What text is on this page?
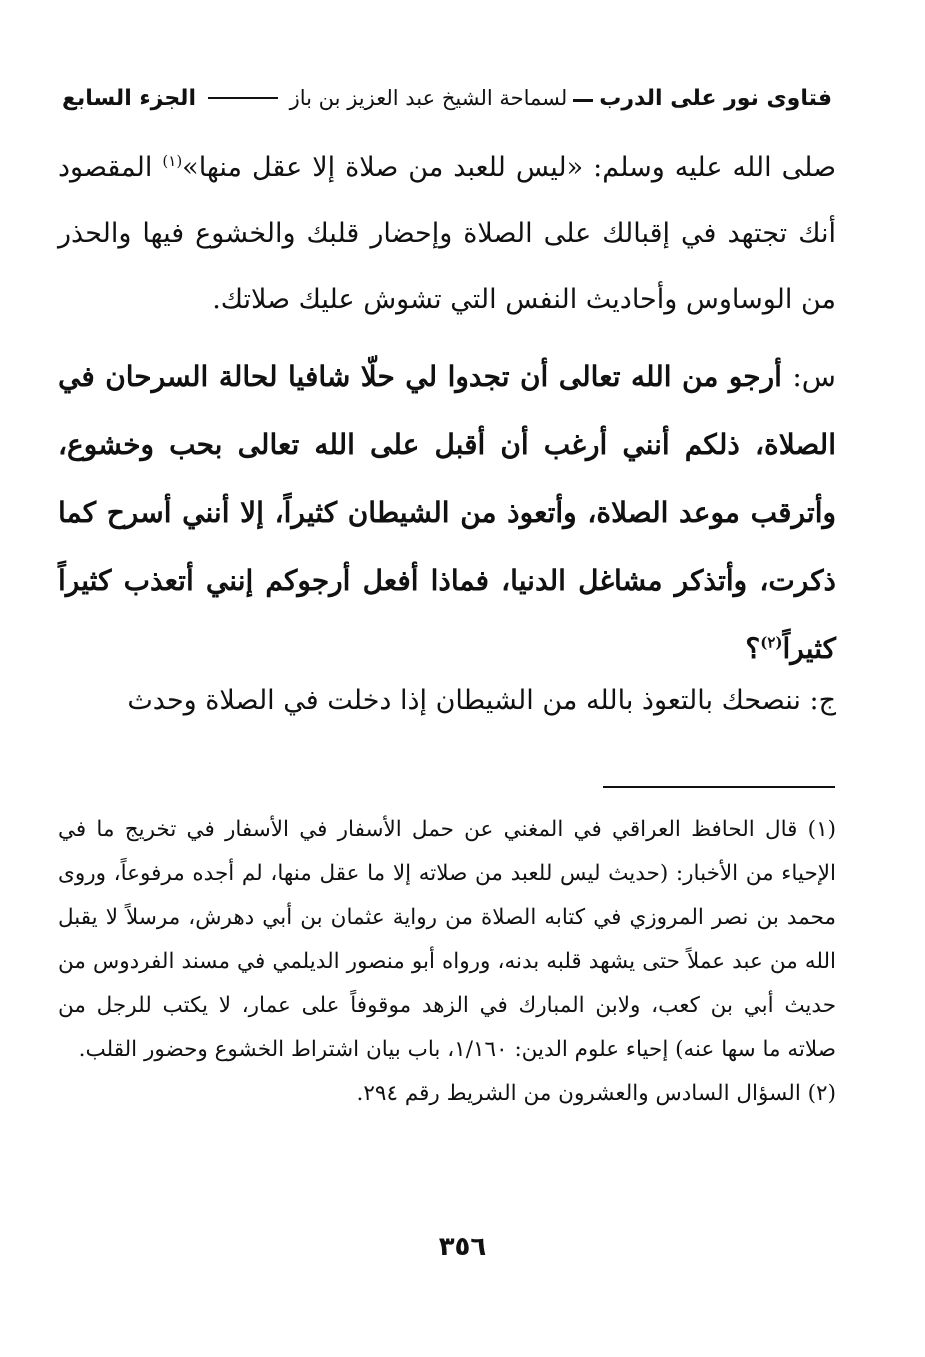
فتاوى نور على الدربلسماحة الشيخ عبد العزيز بن باز
الجزء السابع
صلى الله عليه وسلم: «ليس للعبد من صلاة إلا عقل منها»$^{(١)}$ المقصود أنك تجتهد في إقبالك على الصلاة وإحضار قلبك والخشوع فيها والحذر من الوساوس وأحاديث النفس التي تشوش عليك صلاتك.
س: أرجو من الله تعالى أن تجدوا لي حلّا شافيا لحالة السرحان في الصلاة، ذلكم أنني أرغب أن أقبل على الله تعالى بحب وخشوع، وأترقب موعد الصلاة، وأتعوذ من الشيطان كثيراً، إلا أنني أسرح كما ذكرت، وأتذكر مشاغل الدنيا، فماذا أفعل أرجوكم إنني أتعذب كثيراً كثيراً$^{(٢)}$؟
ج: ننصحك بالتعوذ بالله من الشيطان إذا دخلت في الصلاة وحدث

(١) قال الحافظ العراقي في المغني عن حمل الأسفار في الأسفار في تخريج ما في الإحياء من الأخبار: (حديث ليس للعبد من صلاته إلا ما عقل منها، لم أجده مرفوعاً، وروى محمد بن نصر المروزي في كتابه الصلاة من رواية عثمان بن أبي دهرش، مرسلاً لا يقبل الله من عبد عملاً حتى يشهد قلبه بدنه، ورواه أبو منصور الديلمي في مسند الفردوس من حديث أبي بن كعب، ولابن المبارك في الزهد موقوفاً على عمار، لا يكتب للرجل من صلاته ما سها عنه) إحياء علوم الدين: ١/١٦٠، باب بيان اشتراط الخشوع وحضور القلب.

(٢) السؤال السادس والعشرون من الشريط رقم ٢٩٤.

٣٥٦
